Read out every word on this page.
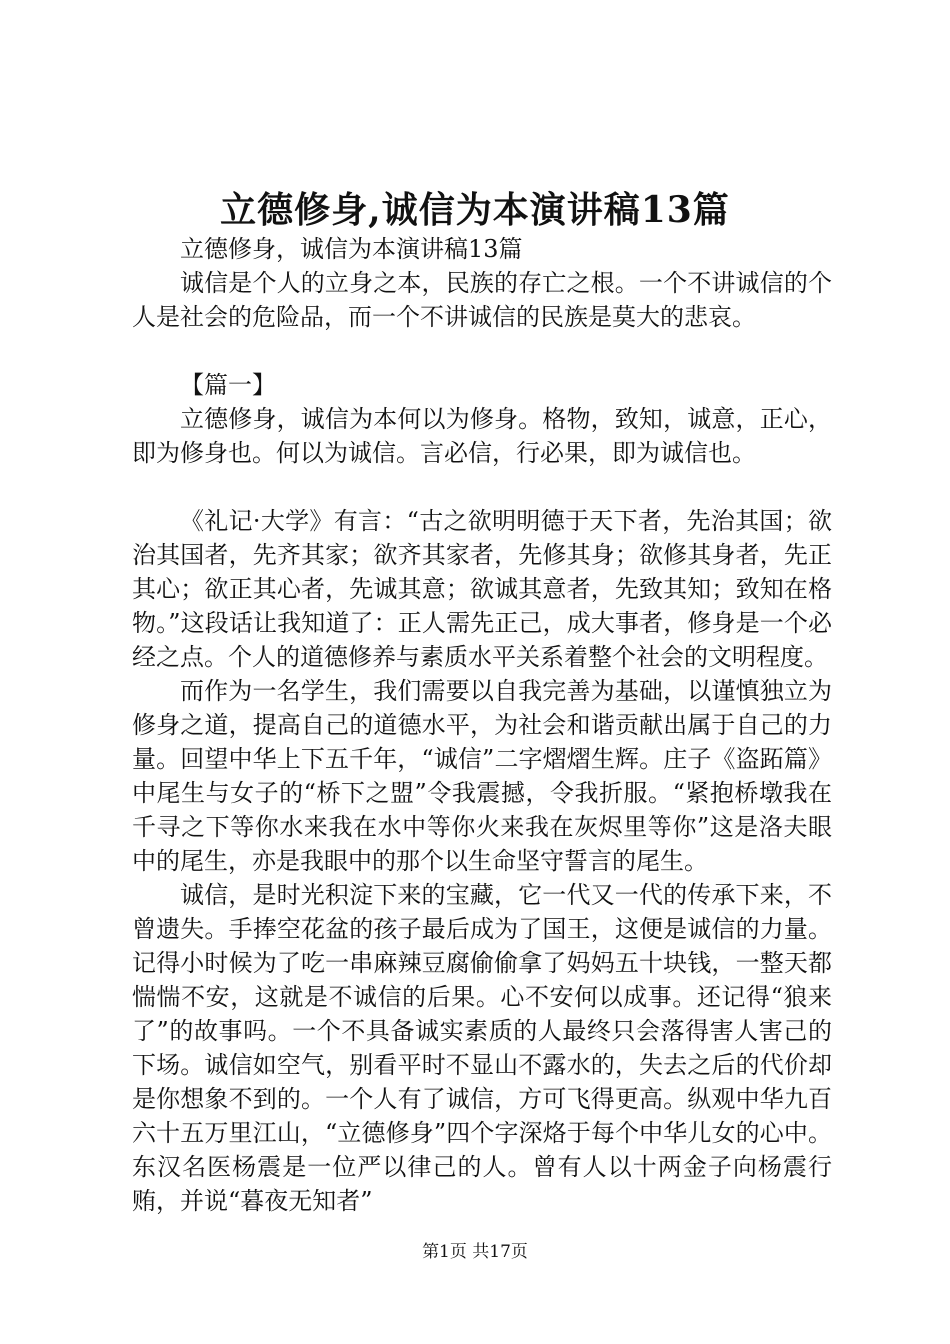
立德修身,诚信为本演讲稿13篇

立德修身，诚信为本演讲稿13篇

诚信是个人的立身之本，民族的存亡之根。一个不讲诚信的个人是社会的危险品，而一个不讲诚信的民族是莫大的悲哀。

【篇一】

立德修身，诚信为本何以为修身。格物，致知，诚意，正心，即为修身也。何以为诚信。言必信，行必果，即为诚信也。

《礼记·大学》有言：“古之欲明明德于天下者，先治其国；欲治其国者，先齐其家；欲齐其家者，先修其身；欲修其身者，先正其心；欲正其心者，先诚其意；欲诚其意者，先致其知；致知在格物。”这段话让我知道了：正人需先正己，成大事者，修身是一个必经之点。个人的道德修养与素质水平关系着整个社会的文明程度。

而作为一名学生，我们需要以自我完善为基础，以谨慎独立为修身之道，提高自己的道德水平，为社会和谐贡献出属于自己的力量。回望中华上下五千年，“诚信”二字熠熠生辉。庄子《盗跖篇》中尾生与女子的“桥下之盟”令我震撼，令我折服。“紧抱桥墩我在千寻之下等你水来我在水中等你火来我在灰烬里等你”这是洛夫眼中的尾生，亦是我眼中的那个以生命坚守誓言的尾生。

诚信，是时光积淀下来的宝藏，它一代又一代的传承下来，不曾遗失。手捧空花盆的孩子最后成为了国王，这便是诚信的力量。记得小时候为了吃一串麻辣豆腐偷偷拿了妈妈五十块钱，一整天都惴惴不安，这就是不诚信的后果。心不安何以成事。还记得“狼来了”的故事吗。一个不具备诚实素质的人最终只会落得害人害己的下场。诚信如空气，别看平时不显山不露水的，失去之后的代价却是你想象不到的。一个人有了诚信，方可飞得更高。纵观中华九百六十五万里江山，“立德修身”四个字深烙于每个中华儿女的心中。东汉名医杨震是一位严以律己的人。曾有人以十两金子向杨震行贿，并说“暮夜无知者”

第1页 共17页
